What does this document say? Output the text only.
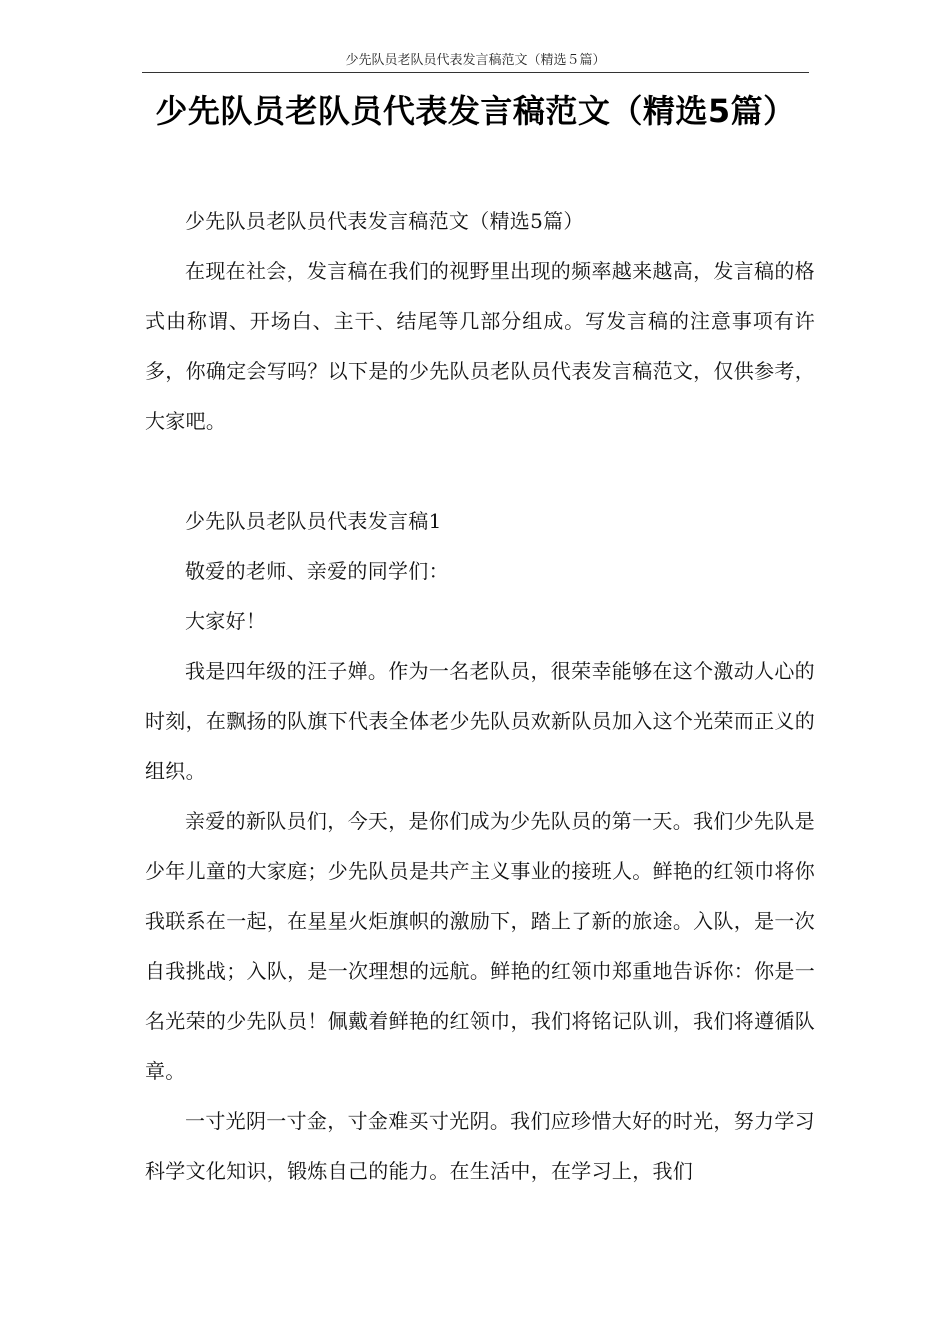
少先队员老队员代表发言稿范文（精选５篇）
少先队员老队员代表发言稿范文（精选5篇）

少先队员老队员代表发言稿范文（精选5篇）

在现在社会，发言稿在我们的视野里出现的频率越来越高，发言稿的格式由称谓、开场白、主干、结尾等几部分组成。写发言稿的注意事项有许多，你确定会写吗？以下是的少先队员老队员代表发言稿范文，仅供参考，大家吧。

少先队员老队员代表发言稿1

敬爱的老师、亲爱的同学们：

大家好！

我是四年级的汪子婵。作为一名老队员，很荣幸能够在这个激动人心的时刻，在飘扬的队旗下代表全体老少先队员欢新队员加入这个光荣而正义的组织。

亲爱的新队员们，今天，是你们成为少先队员的第一天。我们少先队是少年儿童的大家庭；少先队员是共产主义事业的接班人。鲜艳的红领巾将你我联系在一起，在星星火炬旗帜的激励下，踏上了新的旅途。入队，是一次自我挑战；入队，是一次理想的远航。鲜艳的红领巾郑重地告诉你：你是一名光荣的少先队员！佩戴着鲜艳的红领巾，我们将铭记队训，我们将遵循队章。

一寸光阴一寸金，寸金难买寸光阴。我们应珍惜大好的时光，努力学习科学文化知识，锻炼自己的能力。在生活中，在学习上，我们
